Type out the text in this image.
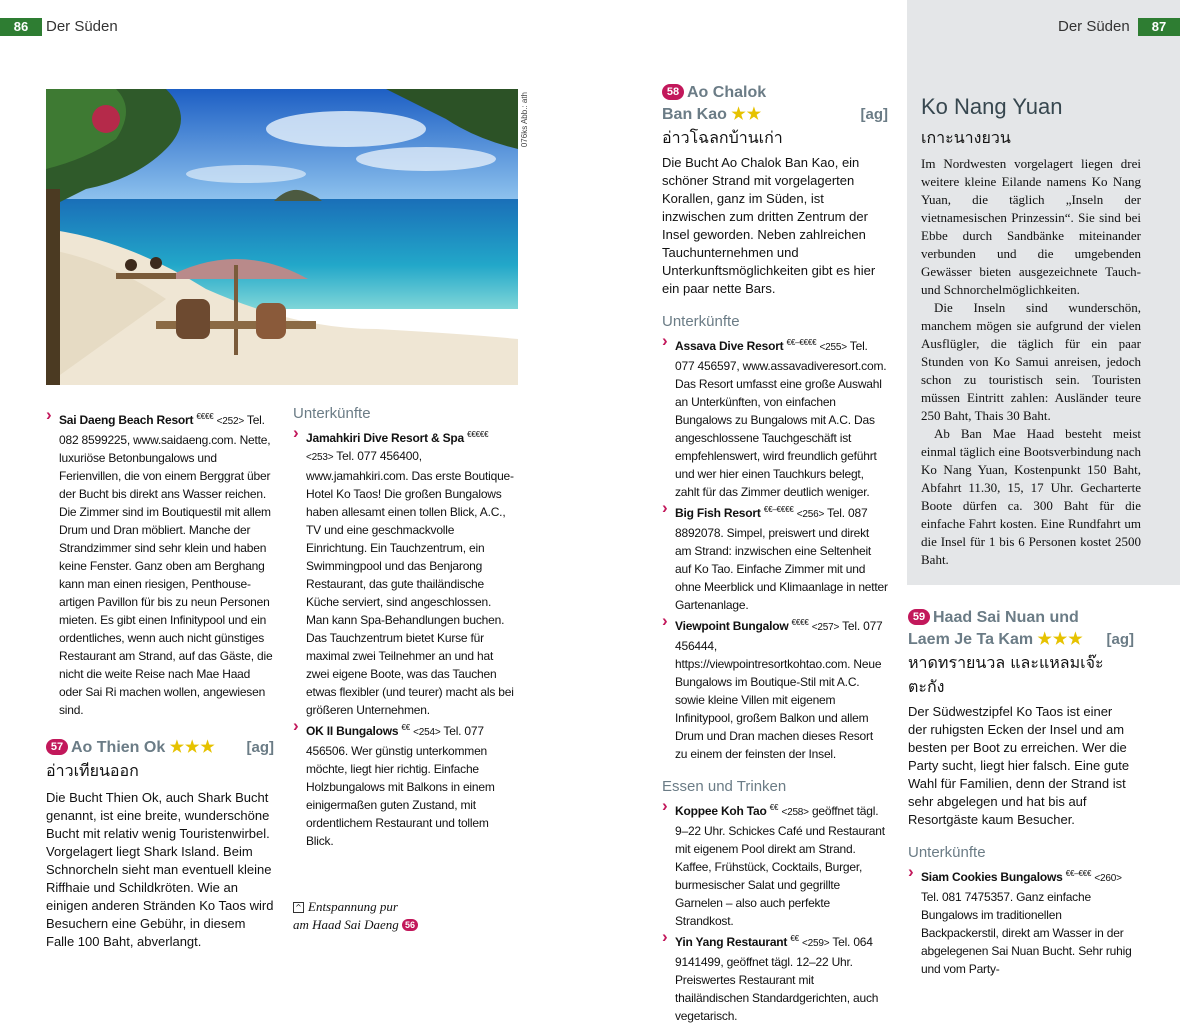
86	Der Süden	Der Süden	87
076ks Abb.: ath
› Sai Daeng Beach Resort €€€€ <252> Tel. 082 8599225, www.saidaeng.com. Nette, luxuriöse Betonbungalows und Ferienvillen, die von einem Berggrat über der Bucht bis direkt ans Wasser reichen. Die Zimmer sind im Boutiquestil mit allem Drum und Dran möbliert. Manche der Strandzimmer sind sehr klein und haben keine Fenster. Ganz oben am Berghang kann man einen riesigen, Penthouse-artigen Pavillon für bis zu neun Personen mieten. Es gibt einen Infinitypool und ein ordentliches, wenn auch nicht günstiges Restaurant am Strand, auf das Gäste, die nicht die weite Reise nach Mae Haad oder Sai Ri machen wollen, angewiesen sind.
57 Ao Thien Ok ★★★ [ag]
อ่าวเทียนออก
Die Bucht Thien Ok, auch Shark Bucht genannt, ist eine breite, wunderschöne Bucht mit relativ wenig Touristenwirbel. Vorgelagert liegt Shark Island. Beim Schnorcheln sieht man eventuell kleine Riffhaie und Schildkröten. Wie an einigen anderen Stränden Ko Taos wird Besuchern eine Gebühr, in diesem Falle 100 Baht, abverlangt.
Unterkünfte
› Jamahkiri Dive Resort & Spa €€€€€ <253> Tel. 077 456400, www.jamahkiri.com. Das erste Boutique-Hotel Ko Taos! Die großen Bungalows haben allesamt einen tollen Blick, A.C., TV und eine geschmackvolle Einrichtung. Ein Tauchzentrum, ein Swimmingpool und das Benjarong Restaurant, das gute thailändische Küche serviert, sind angeschlossen. Man kann Spa-Behandlungen buchen. Das Tauchzentrum bietet Kurse für maximal zwei Teilnehmer an und hat zwei eigene Boote, was das Tauchen etwas flexibler (und teurer) macht als bei größeren Unternehmen.
› OK II Bungalows €€ <254> Tel. 077 456506. Wer günstig unterkommen möchte, liegt hier richtig. Einfache Holzbungalows mit Balkons in einem einigermaßen guten Zustand, mit ordentlichem Restaurant und tollem Blick.
^ Entspannung pur
am Haad Sai Daeng 56
58 Ao Chalok
Ban Kao ★★	[ag]
อ่าวโฉลกบ้านเก่า
Die Bucht Ao Chalok Ban Kao, ein schöner Strand mit vorgelagerten Korallen, ganz im Süden, ist inzwischen zum dritten Zentrum der Insel geworden. Neben zahlreichen Tauchunternehmen und Unterkunftsmöglichkeiten gibt es hier ein paar nette Bars.
Unterkünfte
› Assava Dive Resort €€–€€€€ <255> Tel. 077 456597, www.assavadiveresort.com. Das Resort umfasst eine große Auswahl an Unterkünften, von einfachen Bungalows zu Bungalows mit A.C. Das angeschlossene Tauchgeschäft ist empfehlenswert, wird freundlich geführt und wer hier einen Tauchkurs belegt, zahlt für das Zimmer deutlich weniger.
› Big Fish Resort €€–€€€€ <256> Tel. 087 8892078. Simpel, preiswert und direkt am Strand: inzwischen eine Seltenheit auf Ko Tao. Einfache Zimmer mit und ohne Meerblick und Klimaanlage in netter Gartenanlage.
› Viewpoint Bungalow €€€€ <257> Tel. 077 456444, https://viewpointresortkohtao.com. Neue Bungalows im Boutique-Stil mit A.C. sowie kleine Villen mit eigenem Infinitypool, großem Balkon und allem Drum und Dran machen dieses Resort zu einem der feinsten der Insel.
Essen und Trinken
› Koppee Koh Tao €€ <258> geöffnet tägl. 9–22 Uhr. Schickes Café und Restaurant mit eigenem Pool direkt am Strand. Kaffee, Frühstück, Cocktails, Burger, burmesischer Salat und gegrillte Garnelen – also auch perfekte Strandkost.
› Yin Yang Restaurant €€ <259> Tel. 064 9141499, geöffnet tägl. 12–22 Uhr. Preiswertes Restaurant mit thailändischen Standardgerichten, auch vegetarisch.
Ko Nang Yuan
เกาะนางยวน

Im Nordwesten vorgelagert liegen drei weitere kleine Eilande namens Ko Nang Yuan, die täglich „Inseln der vietnamesischen Prinzessin“. Sie sind bei Ebbe durch Sandbänke miteinander verbunden und die umgebenden Gewässer bieten ausgezeichnete Tauch- und Schnorchelmöglichkeiten.

Die Inseln sind wunderschön, manchem mögen sie aufgrund der vielen Ausflügler, die täglich für ein paar Stunden von Ko Samui anreisen, jedoch schon zu touristisch sein. Touristen müssen Eintritt zahlen: Ausländer teure 250 Baht, Thais 30 Baht.

Ab Ban Mae Haad besteht meist einmal täglich eine Bootsverbindung nach Ko Nang Yuan, Kostenpunkt 150 Baht, Abfahrt 11.30, 15, 17 Uhr. Gecharterte Boote dürfen ca. 300 Baht für die einfache Fahrt kosten. Eine Rundfahrt um die Insel für 1 bis 6 Personen kostet 2500 Baht.

59 Haad Sai Nuan und
Laem Je Ta Kam ★★★ [ag]
หาดทรายนวล และแหลมเจ๊ะตะกัง
Der Südwestzipfel Ko Taos ist einer der ruhigsten Ecken der Insel und am besten per Boot zu erreichen. Wer die Party sucht, liegt hier falsch. Eine gute Wahl für Familien, denn der Strand ist sehr abgelegen und hat bis auf Resortgäste kaum Besucher.
Unterkünfte
› Siam Cookies Bungalows €€–€€€ <260> Tel. 081 7475357. Ganz einfache Bungalows im traditionellen Backpackerstil, direkt am Wasser in der abgelegenen Sai Nuan Bucht. Sehr ruhig und vom Party-
